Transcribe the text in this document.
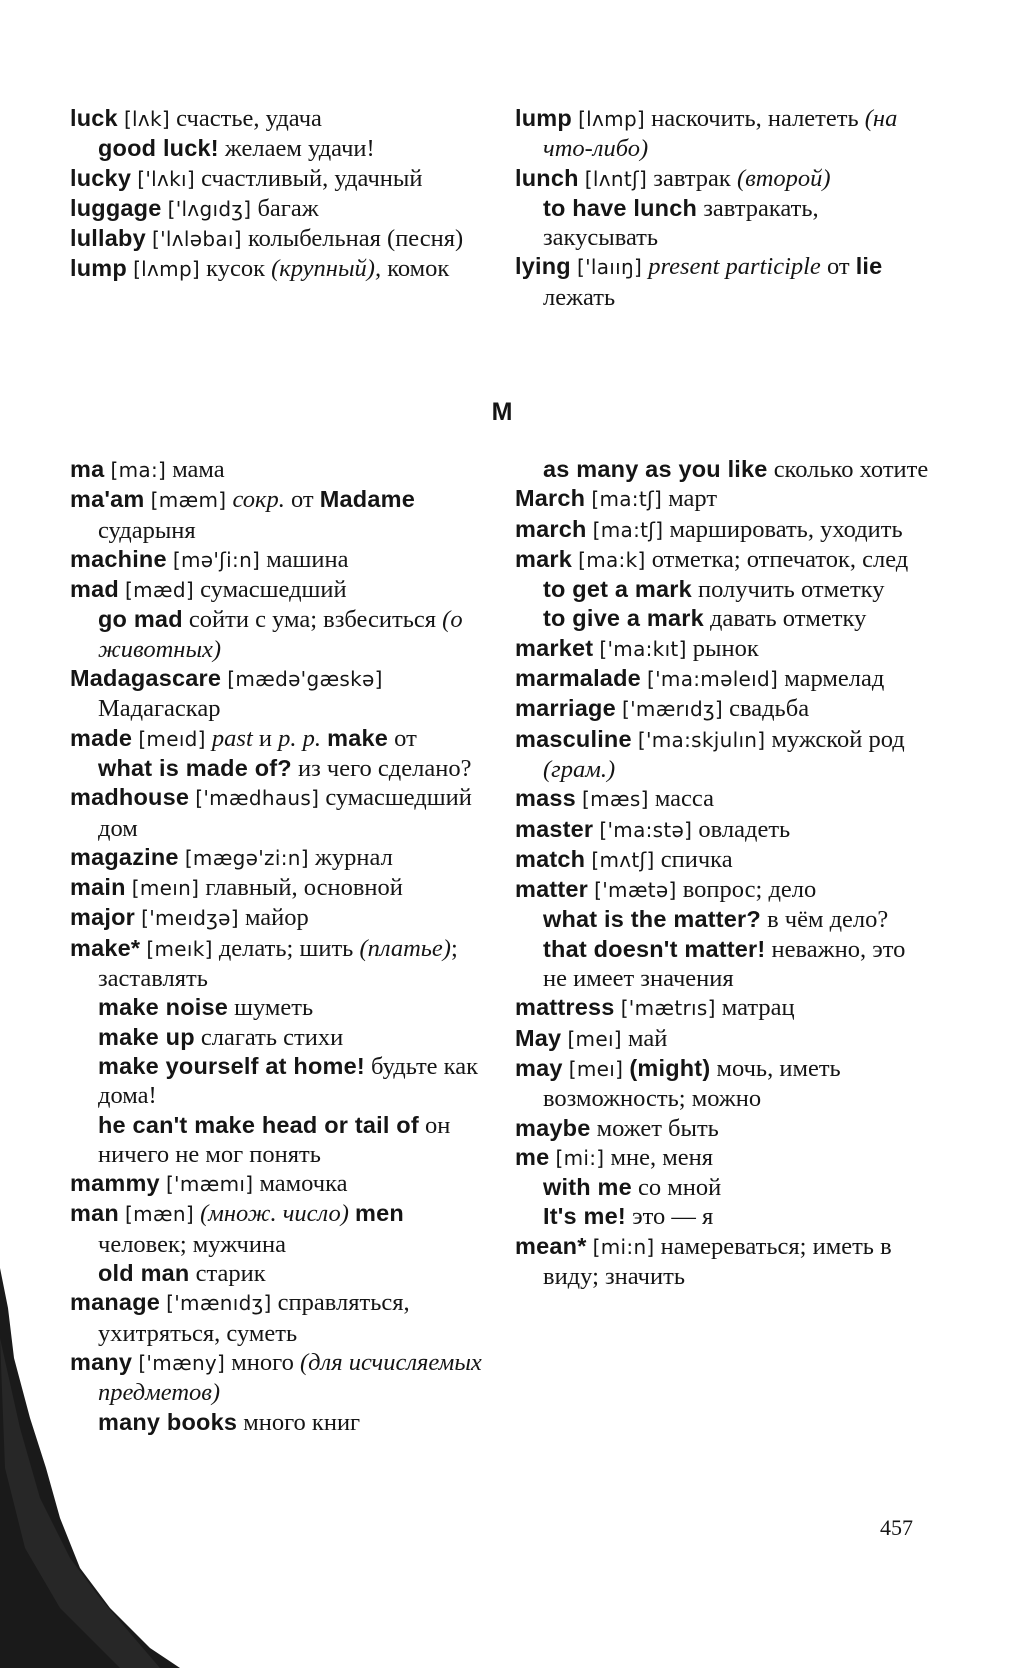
luck [lʌk] счастье, удача

good luck! желаем удачи!

lucky ['lʌkı] счастливый, удачный

luggage ['lʌgıdʒ] багаж

lullaby ['lʌləbaı] колыбельная (песня)

lump [lʌmp] кусок (крупный), комок

lump [lʌmp] наскочить, налететь (на что-либо)

lunch [lʌntʃ] завтрак (второй)

to have lunch завтракать, закусывать

lying ['laııŋ] present participle от lie лежать

M

ma [ma:] мама

ma'am [mæm] сокр. от Madame сударыня

machine [mə'ʃi:n] машина

mad [mæd] сумасшедший

go mad сойти с ума; взбеситься (о животных)

Madagascare [mædə'gæskə] Мадагаскар

made [meıd] past и p. p. make от

what is made of? из чего сделано?

madhouse ['mædhaus] сумасшедший дом

magazine [mægə'zi:n] журнал

main [meın] главный, основной

major ['meıdʒə] майор

make* [meık] делать; шить (платье); заставлять

make noise шуметь

make up слагать стихи

make yourself at home! будьте как дома!

he can't make head or tail of он ничего не мог понять

mammy ['mæmı] мамочка

man [mæn] (множ. число) men человек; мужчина

old man старик

manage ['mænıdʒ] справляться, ухитряться, суметь

many ['mæny] много (для исчисляемых предметов)

many books много книг

as many as you like сколько хотите

March [ma:tʃ] март

march [ma:tʃ] маршировать, уходить

mark [ma:k] отметка; отпечаток, след

to get a mark получить отметку

to give a mark давать отметку

market ['ma:kıt] рынок

marmalade ['ma:məleıd] мармелад

marriage ['mærıdʒ] свадьба

masculine ['ma:skjulın] мужской род (грам.)

mass [mæs] масса

master ['ma:stə] овладеть

match [mʌtʃ] спичка

matter ['mætə] вопрос; дело

what is the matter? в чём дело?

that doesn't matter! неважно, это не имеет значения

mattress ['mætrıs] матрац

May [meı] май

may [meı] (might) мочь, иметь возможность; можно

maybe может быть

me [mi:] мне, меня

with me со мной

It's me! это — я

mean* [mi:n] намереваться; иметь в виду; значить

457
